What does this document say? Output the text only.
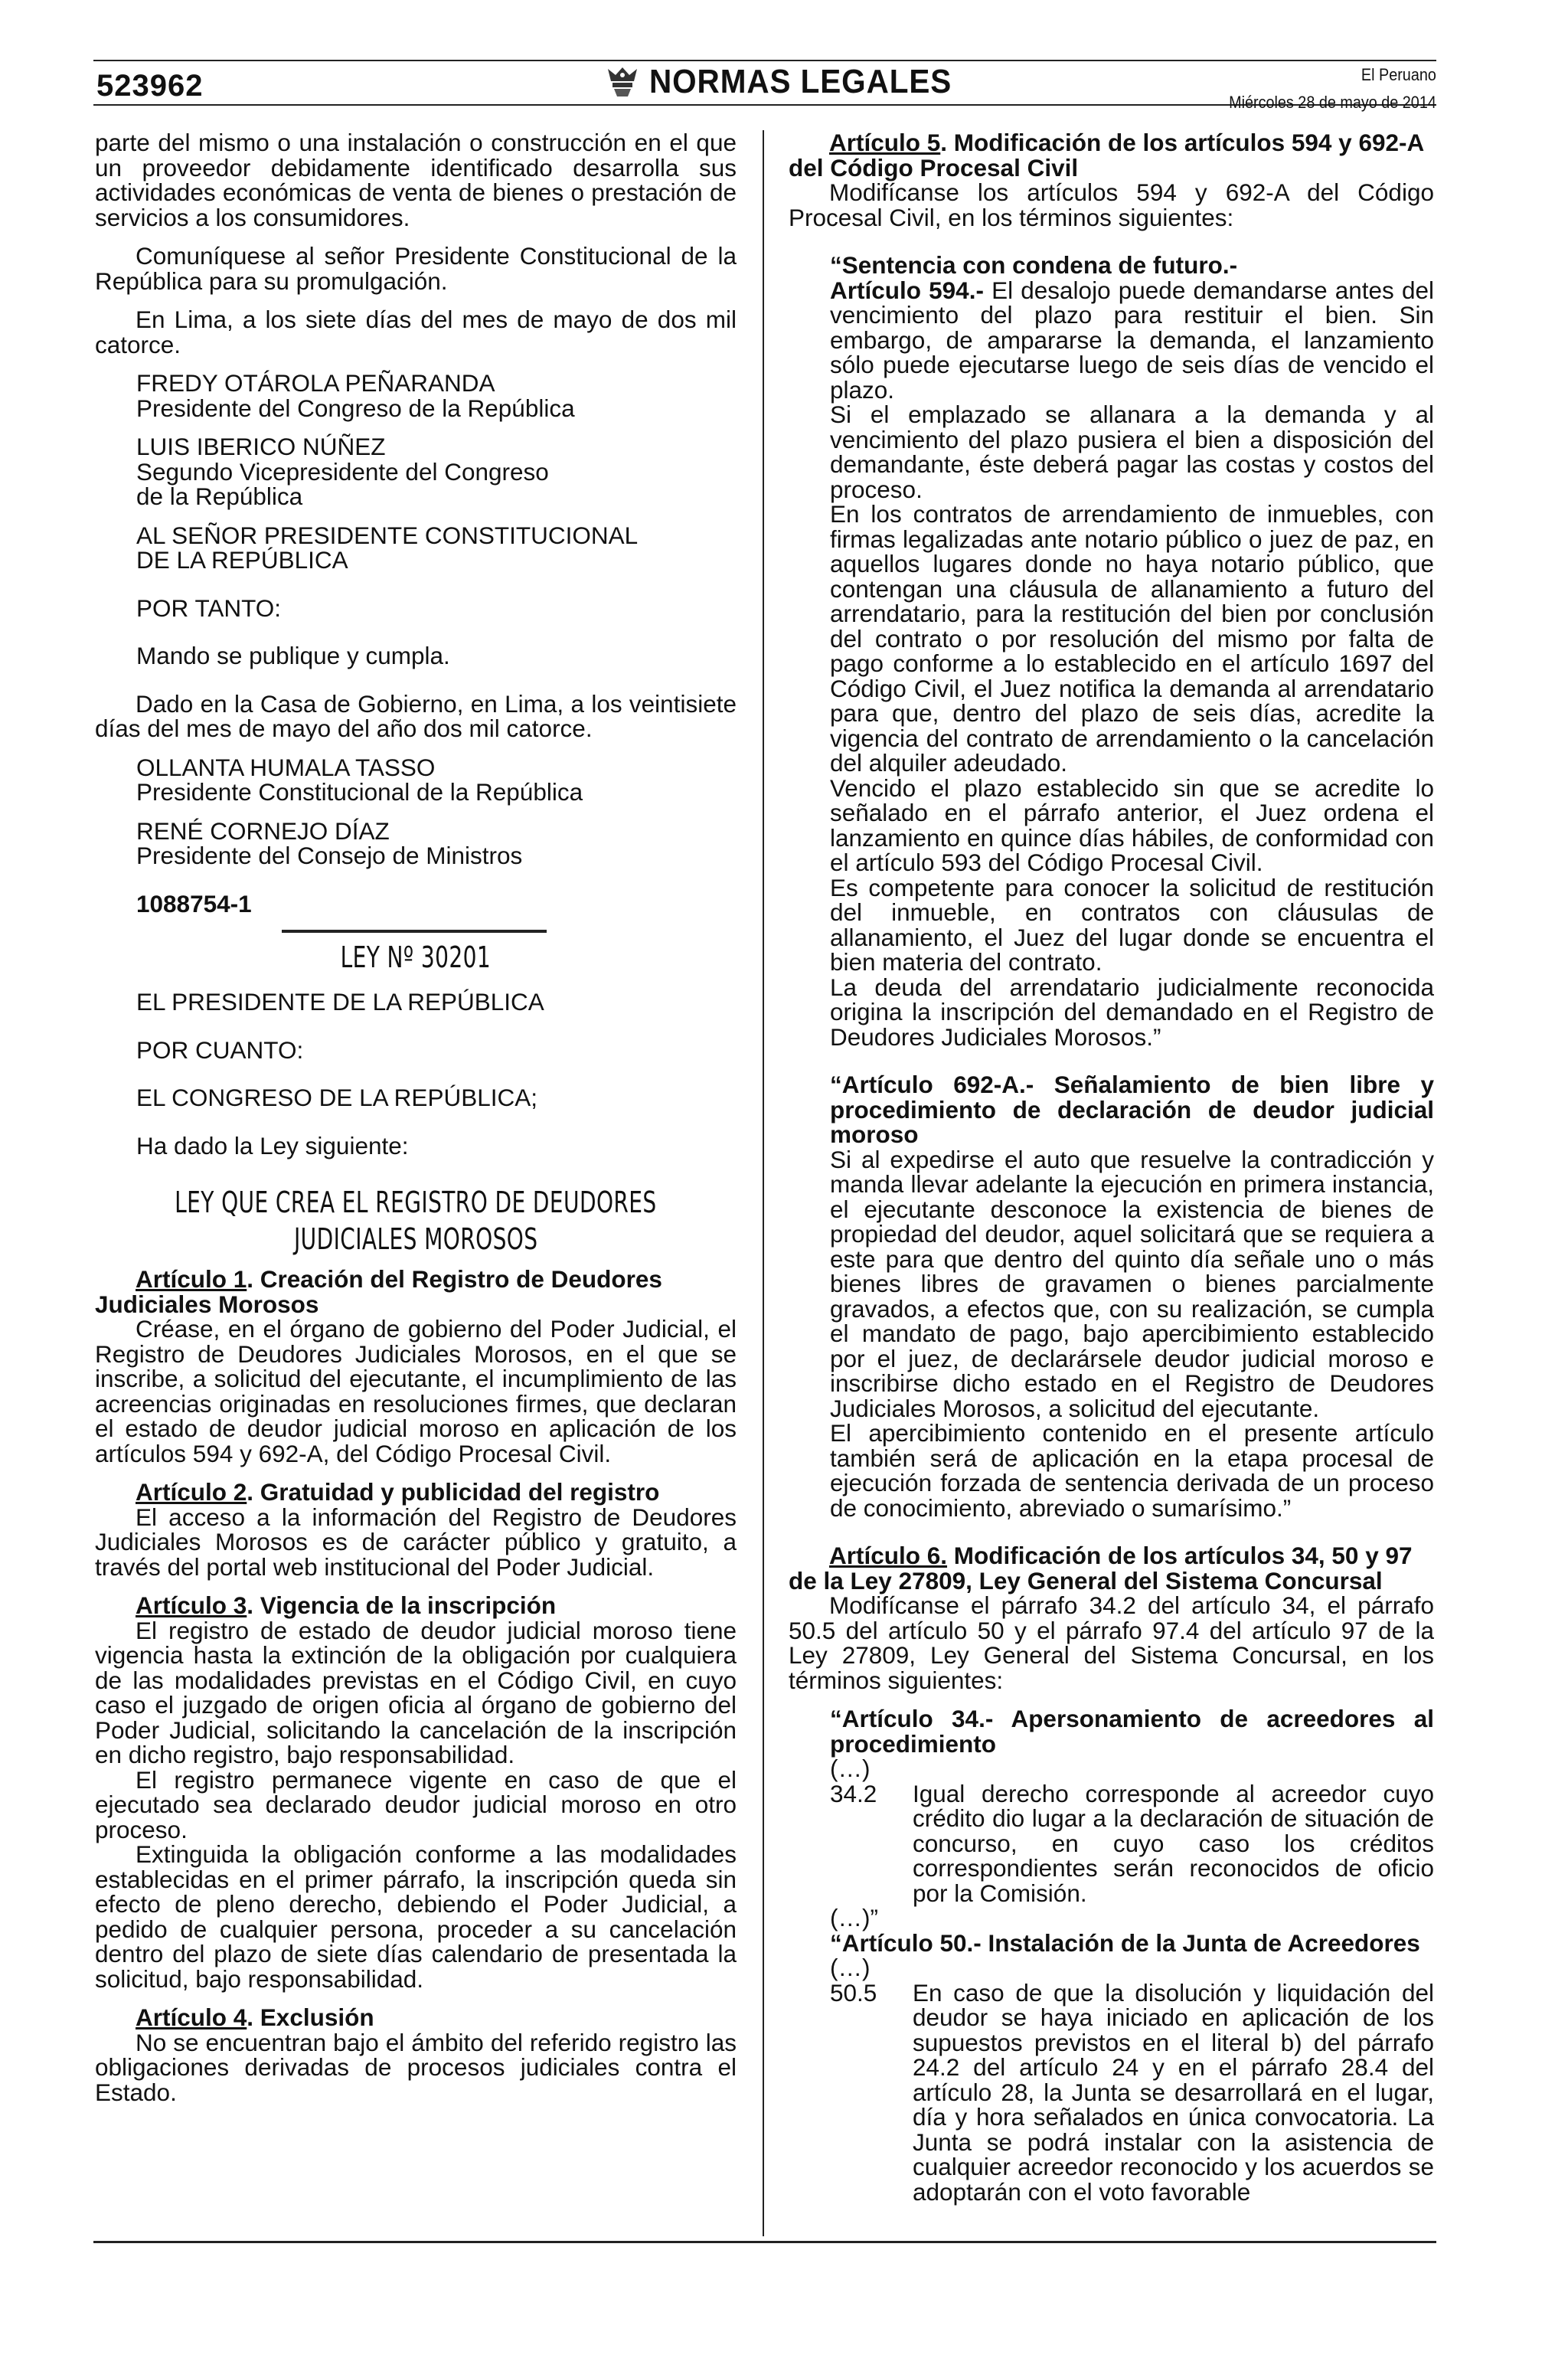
523962	NORMAS LEGALES	El Peruano
Miércoles 28 de mayo de 2014

parte del mismo o una instalación o construcción en el que un proveedor debidamente identificado desarrolla sus actividades económicas de venta de bienes o prestación de servicios a los consumidores.

Comuníquese al señor Presidente Constitucional de la República para su promulgación.

En Lima, a los siete días del mes de mayo de dos mil catorce.

FREDY OTÁROLA PEÑARANDA
Presidente del Congreso de la República
LUIS IBERICO NÚÑEZ
Segundo Vicepresidente del Congreso
de la República
AL SEÑOR PRESIDENTE CONSTITUCIONAL
DE LA REPÚBLICA
POR TANTO:
Mando se publique y cumpla.

Dado en la Casa de Gobierno, en Lima, a los veintisiete días del mes de mayo del año dos mil catorce.

OLLANTA HUMALA TASSO
Presidente Constitucional de la República
RENÉ CORNEJO DÍAZ
Presidente del Consejo de Ministros
1088754-1
LEY Nº 30201
EL PRESIDENTE DE LA REPÚBLICA
POR CUANTO:
EL CONGRESO DE LA REPÚBLICA;
Ha dado la Ley siguiente:
LEY QUE CREA EL REGISTRO DE DEUDORES
JUDICIALES MOROSOS

Artículo 1. Creación del Registro de Deudores Judiciales Morosos

Créase, en el órgano de gobierno del Poder Judicial, el Registro de Deudores Judiciales Morosos, en el que se inscribe, a solicitud del ejecutante, el incumplimiento de las acreencias originadas en resoluciones firmes, que declaran el estado de deudor judicial moroso en aplicación de los artículos 594 y 692-A, del Código Procesal Civil.

Artículo 2. Gratuidad y publicidad del registro

El acceso a la información del Registro de Deudores Judiciales Morosos es de carácter público y gratuito, a través del portal web institucional del Poder Judicial.

Artículo 3. Vigencia de la inscripción

El registro de estado de deudor judicial moroso tiene vigencia hasta la extinción de la obligación por cualquiera de las modalidades previstas en el Código Civil, en cuyo caso el juzgado de origen oficia al órgano de gobierno del Poder Judicial, solicitando la cancelación de la inscripción en dicho registro, bajo responsabilidad.

El registro permanece vigente en caso de que el ejecutado sea declarado deudor judicial moroso en otro proceso.

Extinguida la obligación conforme a las modalidades establecidas en el primer párrafo, la inscripción queda sin efecto de pleno derecho, debiendo el Poder Judicial, a pedido de cualquier persona, proceder a su cancelación dentro del plazo de siete días calendario de presentada la solicitud, bajo responsabilidad.

Artículo 4. Exclusión

No se encuentran bajo el ámbito del referido registro las obligaciones derivadas de procesos judiciales contra el Estado.

Artículo 5. Modificación de los artículos 594 y 692-A del Código Procesal Civil

Modifícanse los artículos 594 y 692-A del Código Procesal Civil, en los términos siguientes:

“Sentencia con condena de futuro.-

Artículo 594.- El desalojo puede demandarse antes del vencimiento del plazo para restituir el bien. Sin embargo, de ampararse la demanda, el lanzamiento sólo puede ejecutarse luego de seis días de vencido el plazo.

Si el emplazado se allanara a la demanda y al vencimiento del plazo pusiera el bien a disposición del demandante, éste deberá pagar las costas y costos del proceso.

En los contratos de arrendamiento de inmuebles, con firmas legalizadas ante notario público o juez de paz, en aquellos lugares donde no haya notario público, que contengan una cláusula de allanamiento a futuro del arrendatario, para la restitución del bien por conclusión del contrato o por resolución del mismo por falta de pago conforme a lo establecido en el artículo 1697 del Código Civil, el Juez notifica la demanda al arrendatario para que, dentro del plazo de seis días, acredite la vigencia del contrato de arrendamiento o la cancelación del alquiler adeudado.

Vencido el plazo establecido sin que se acredite lo señalado en el párrafo anterior, el Juez ordena el lanzamiento en quince días hábiles, de conformidad con el artículo 593 del Código Procesal Civil.

Es competente para conocer la solicitud de restitución del inmueble, en contratos con cláusulas de allanamiento, el Juez del lugar donde se encuentra el bien materia del contrato.

La deuda del arrendatario judicialmente reconocida origina la inscripción del demandado en el Registro de Deudores Judiciales Morosos.”

“Artículo 692-A.- Señalamiento de bien libre y procedimiento de declaración de deudor judicial moroso

Si al expedirse el auto que resuelve la contradicción y manda llevar adelante la ejecución en primera instancia, el ejecutante desconoce la existencia de bienes de propiedad del deudor, aquel solicitará que se requiera a este para que dentro del quinto día señale uno o más bienes libres de gravamen o bienes parcialmente gravados, a efectos que, con su realización, se cumpla el mandato de pago, bajo apercibimiento establecido por el juez, de declarársele deudor judicial moroso e inscribirse dicho estado en el Registro de Deudores Judiciales Morosos, a solicitud del ejecutante.

El apercibimiento contenido en el presente artículo también será de aplicación en la etapa procesal de ejecución forzada de sentencia derivada de un proceso de conocimiento, abreviado o sumarísimo.”

Artículo 6. Modificación de los artículos 34, 50 y 97 de la Ley 27809, Ley General del Sistema Concursal

Modifícanse el párrafo 34.2 del artículo 34, el párrafo 50.5 del artículo 50 y el párrafo 97.4 del artículo 97 de la Ley 27809, Ley General del Sistema Concursal, en los términos siguientes:

“Artículo 34.- Apersonamiento de acreedores al procedimiento

(…)
34.2	Igual derecho corresponde al acreedor cuyo crédito dio lugar a la declaración de situación de concurso, en cuyo caso los créditos correspondientes serán reconocidos de oficio por la Comisión.
(…)”

“Artículo 50.- Instalación de la Junta de Acreedores

(…)
50.5	En caso de que la disolución y liquidación del deudor se haya iniciado en aplicación de los supuestos previstos en el literal b) del párrafo 24.2 del artículo 24 y en el párrafo 28.4 del artículo 28, la Junta se desarrollará en el lugar, día y hora señalados en única convocatoria. La Junta se podrá instalar con la asistencia de cualquier acreedor reconocido y los acuerdos se adoptarán con el voto favorable
